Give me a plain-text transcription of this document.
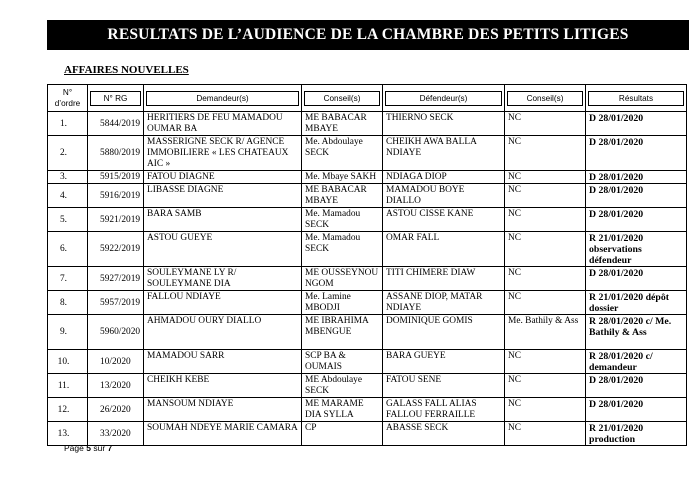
RESULTATS DE L’AUDIENCE DE LA CHAMBRE DES PETITS LITIGES
AFFAIRES NOUVELLES
N° d’ordre	N° RG	Demandeur(s)	Conseil(s)	Défendeur(s)	Conseil(s)	Résultats

1.	5844/2019	HERITIERS DE FEU MAMADOU OUMAR BA	ME BABACAR MBAYE	THIERNO SECK	NC	D 28/01/2020
2.	5880/2019	MASSERIGNE SECK R/ AGENCE IMMOBILIERE « LES CHATEAUX AIC »	Me. Abdoulaye SECK	CHEIKH AWA BALLA NDIAYE	NC	D 28/01/2020
3.	5915/2019	FATOU DIAGNE	Me. Mbaye SAKH	NDIAGA DIOP	NC	D 28/01/2020
4.	5916/2019	LIBASSE DIAGNE	ME BABACAR MBAYE	MAMADOU BOYE DIALLO	NC	D 28/01/2020
5.	5921/2019	BARA SAMB	Me. Mamadou SECK	ASTOU CISSE KANE	NC	D 28/01/2020
6.	5922/2019	ASTOU GUEYE	Me. Mamadou SECK	OMAR FALL	NC	R 21/01/2020 observations défendeur
7.	5927/2019	SOULEYMANE LY R/ SOULEYMANE DIA	ME OUSSEYNOU NGOM	TITI CHIMERE DIAW	NC	D 28/01/2020
8.	5957/2019	FALLOU NDIAYE	Me. Lamine MBODJI	ASSANE DIOP, MATAR NDIAYE	NC	R 21/01/2020 dépôt dossier
9.	5960/2020	AHMADOU OURY DIALLO	ME IBRAHIMA MBENGUE	DOMINIQUE GOMIS	Me. Bathily & Ass	R 28/01/2020 c/ Me. Bathily & Ass
10.	10/2020	MAMADOU SARR	SCP BA & OUMAIS	BARA GUEYE	NC	R 28/01/2020 c/ demandeur
11.	13/2020	CHEIKH KEBE	ME Abdoulaye SECK	FATOU SENE	NC	D 28/01/2020
12.	26/2020	MANSOUM NDIAYE	ME MARAME DIA SYLLA	GALASS FALL ALIAS FALLOU FERRAILLE	NC	D 28/01/2020
13.	33/2020	SOUMAH NDEYE MARIE CAMARA	CP	ABASSE SECK	NC	R 21/01/2020 production
Page 5 sur 7
